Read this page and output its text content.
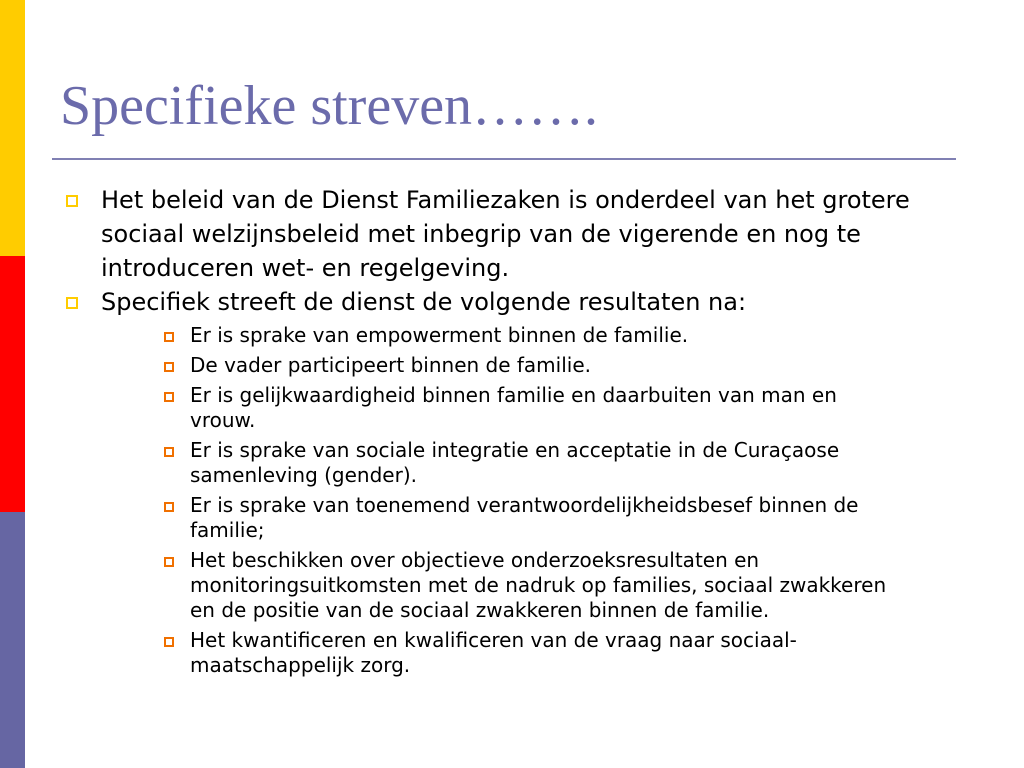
Specifieke streven…….
Het beleid van de Dienst Familiezaken is onderdeel van het grotere sociaal welzijnsbeleid met inbegrip van de vigerende en nog te introduceren wet- en regelgeving.
Specifiek streeft de dienst de volgende resultaten na:
Er is sprake van empowerment binnen de familie.
De vader participeert binnen de familie.
Er is gelijkwaardigheid binnen familie en daarbuiten van man en vrouw.
Er is sprake van sociale integratie en acceptatie in de Curaçaose samenleving (gender).
Er is sprake van toenemend verantwoordelijkheidsbesef binnen de familie;
Het beschikken over objectieve onderzoeksresultaten en monitoringsuitkomsten met de nadruk op families, sociaal zwakkeren en de positie van de sociaal zwakkeren binnen de familie.
Het kwantificeren en kwalificeren van de vraag naar sociaal-maatschappelijk zorg.
